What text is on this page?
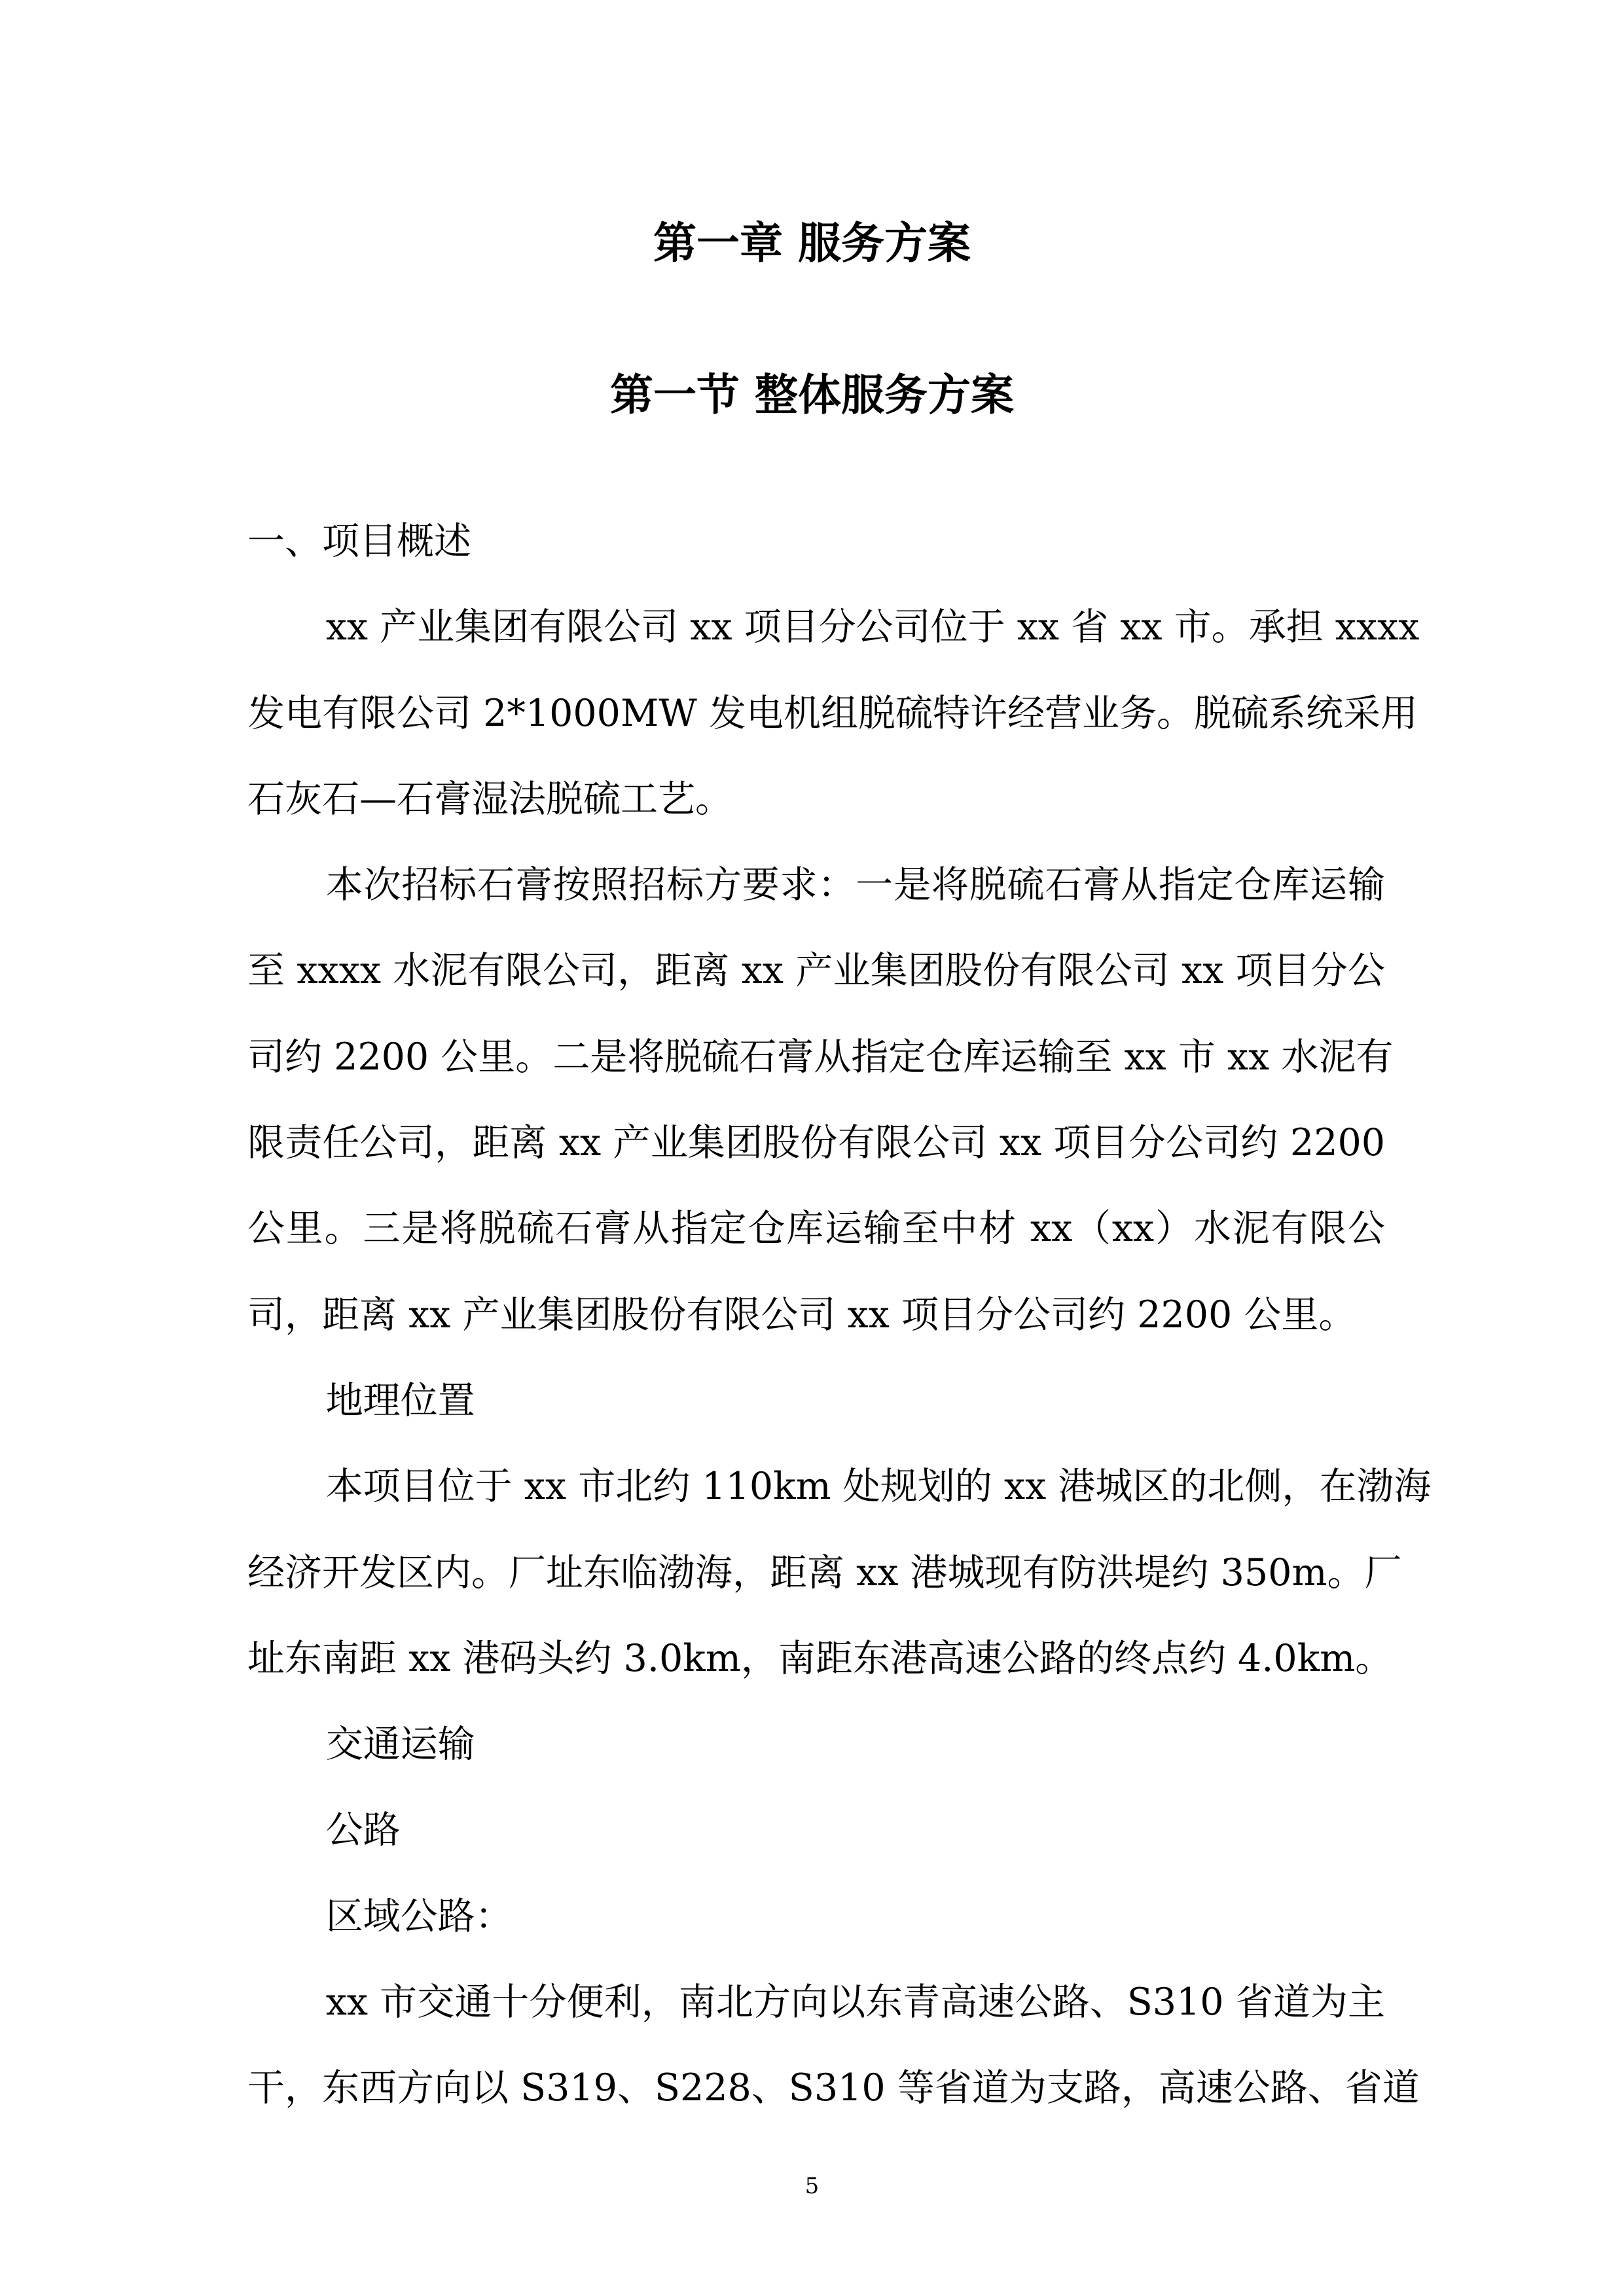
第一章 服务方案
第一节 整体服务方案
一、项目概述
xx 产业集团有限公司 xx 项目分公司位于 xx 省 xx 市。承担 xxxx
发电有限公司 2*1000MW 发电机组脱硫特许经营业务。脱硫系统采用
石灰石—石膏湿法脱硫工艺。
本次招标石膏按照招标方要求：一是将脱硫石膏从指定仓库运输
至 xxxx 水泥有限公司，距离 xx 产业集团股份有限公司 xx 项目分公
司约 2200 公里。二是将脱硫石膏从指定仓库运输至 xx 市 xx 水泥有
限责任公司，距离 xx 产业集团股份有限公司 xx 项目分公司约 2200
公里。三是将脱硫石膏从指定仓库运输至中材 xx（xx）水泥有限公
司，距离 xx 产业集团股份有限公司 xx 项目分公司约 2200 公里。
地理位置
本项目位于 xx 市北约 110km 处规划的 xx 港城区的北侧，在渤海
经济开发区内。厂址东临渤海，距离 xx 港城现有防洪堤约 350m。厂
址东南距 xx 港码头约 3.0km，南距东港高速公路的终点约 4.0km。
交通运输
公路
区域公路：
xx 市交通十分便利，南北方向以东青高速公路、S310 省道为主
干，东西方向以 S319、S228、S310 等省道为支路，高速公路、省道
5
